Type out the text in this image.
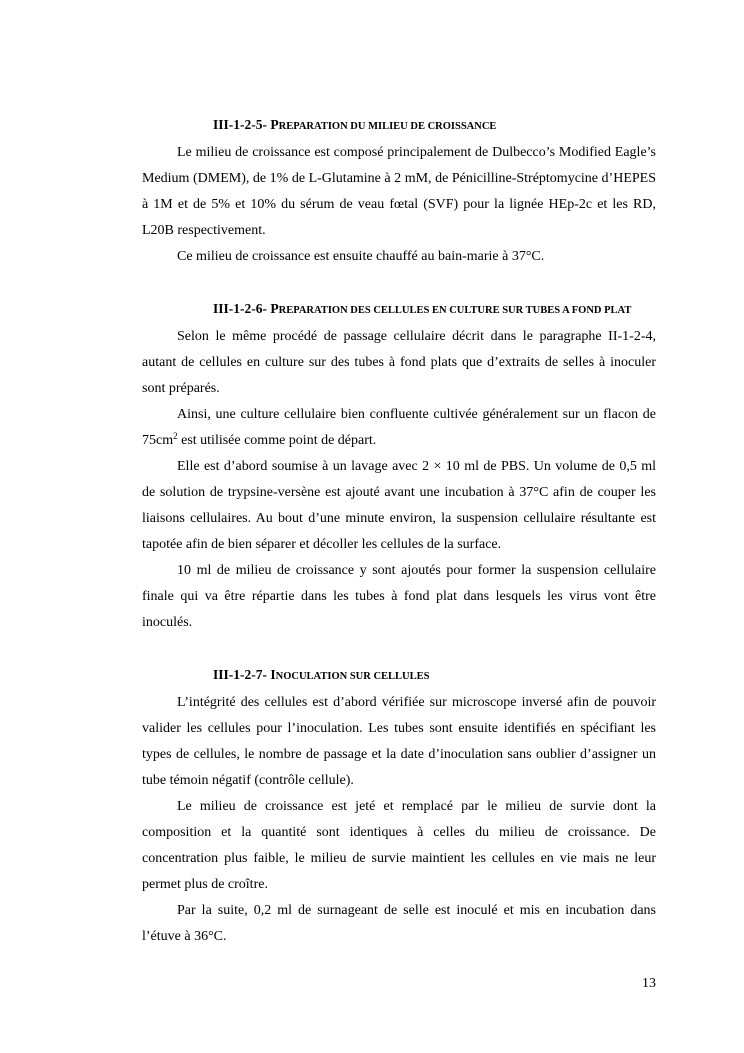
III-1-2-5- PREPARATION DU MILIEU DE CROISSANCE

Le milieu de croissance est composé principalement de Dulbecco’s Modified Eagle’s Medium (DMEM), de 1% de L-Glutamine à 2 mM, de Pénicilline-Stréptomycine d’HEPES à 1M et de 5% et 10% du sérum de veau fœtal (SVF) pour la lignée HEp-2c et les RD, L20B respectivement.

Ce milieu de croissance est ensuite chauffé au bain-marie à 37°C.

III-1-2-6- PREPARATION DES CELLULES EN CULTURE SUR TUBES A FOND PLAT

Selon le même procédé de passage cellulaire décrit dans le paragraphe II-1-2-4, autant de cellules en culture sur des tubes à fond plats que d’extraits de selles à inoculer sont préparés.

Ainsi, une culture cellulaire bien confluente cultivée généralement sur un flacon de $75cm^2$ est utilisée comme point de départ.

Elle est d’abord soumise à un lavage avec 2 × 10 ml de PBS. Un volume de 0,5 ml de solution de trypsine-versène est ajouté avant une incubation à 37°C afin de couper les liaisons cellulaires. Au bout d’une minute environ, la suspension cellulaire résultante est tapotée afin de bien séparer et décoller les cellules de la surface.

10 ml de milieu de croissance y sont ajoutés pour former la suspension cellulaire finale qui va être répartie dans les tubes à fond plat dans lesquels les virus vont être inoculés.

III-1-2-7- INOCULATION SUR CELLULES

L’intégrité des cellules est d’abord vérifiée sur microscope inversé afin de pouvoir valider les cellules pour l’inoculation. Les tubes sont ensuite identifiés en spécifiant les types de cellules, le nombre de passage et la date d’inoculation sans oublier d’assigner un tube témoin négatif (contrôle cellule).

Le milieu de croissance est jeté et remplacé par le milieu de survie dont la composition et la quantité sont identiques à celles du milieu de croissance. De concentration plus faible, le milieu de survie maintient les cellules en vie mais ne leur permet plus de croître.

Par la suite, 0,2 ml de surnageant de selle est inoculé et mis en incubation dans l’étuve à 36°C.

13
